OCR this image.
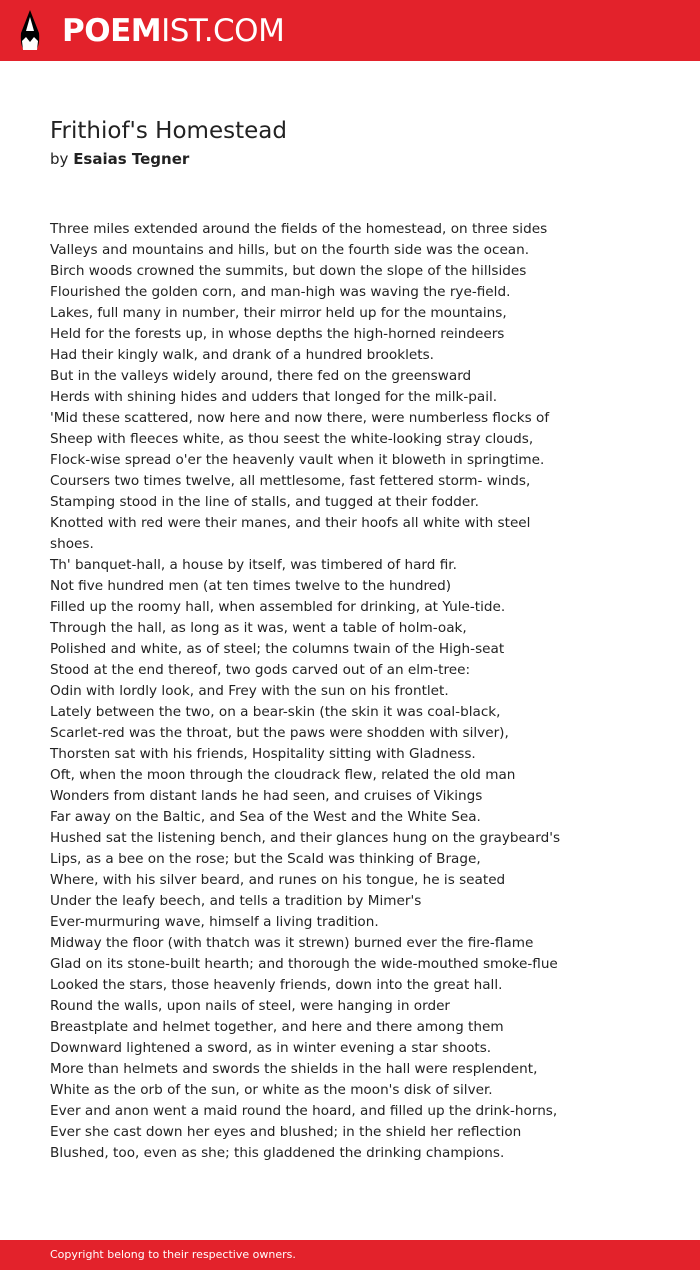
POEMIST.COM
Frithiof's Homestead
by Esaias Tegner
Three miles extended around the fields of the homestead, on three sides
Valleys and mountains and hills, but on the fourth side was the ocean.
Birch woods crowned the summits, but down the slope of the hillsides
Flourished the golden corn, and man-high was waving the rye-field.
Lakes, full many in number, their mirror held up for the mountains,
Held for the forests up, in whose depths the high-horned reindeers
Had their kingly walk, and drank of a hundred brooklets.
But in the valleys widely around, there fed on the greensward
Herds with shining hides and udders that longed for the milk-pail.
'Mid these scattered, now here and now there, were numberless flocks of
Sheep with fleeces white, as thou seest the white-looking stray clouds,
Flock-wise spread o'er the heavenly vault when it bloweth in springtime.
Coursers two times twelve, all mettlesome, fast fettered storm- winds,
Stamping stood in the line of stalls, and tugged at their fodder.
Knotted with red were their manes, and their hoofs all white with steel
shoes.
Th' banquet-hall, a house by itself, was timbered of hard fir.
Not five hundred men (at ten times twelve to the hundred)
Filled up the roomy hall, when assembled for drinking, at Yule-tide.
Through the hall, as long as it was, went a table of holm-oak,
Polished and white, as of steel; the columns twain of the High-seat
Stood at the end thereof, two gods carved out of an elm-tree:
Odin with lordly look, and Frey with the sun on his frontlet.
Lately between the two, on a bear-skin (the skin it was coal-black,
Scarlet-red was the throat, but the paws were shodden with silver),
Thorsten sat with his friends, Hospitality sitting with Gladness.
Oft, when the moon through the cloudrack flew, related the old man
Wonders from distant lands he had seen, and cruises of Vikings
Far away on the Baltic, and Sea of the West and the White Sea.
Hushed sat the listening bench, and their glances hung on the graybeard's
Lips, as a bee on the rose; but the Scald was thinking of Brage,
Where, with his silver beard, and runes on his tongue, he is seated
Under the leafy beech, and tells a tradition by Mimer's
Ever-murmuring wave, himself a living tradition.
Midway the floor (with thatch was it strewn) burned ever the fire-flame
Glad on its stone-built hearth; and thorough the wide-mouthed smoke-flue
Looked the stars, those heavenly friends, down into the great hall.
Round the walls, upon nails of steel, were hanging in order
Breastplate and helmet together, and here and there among them
Downward lightened a sword, as in winter evening a star shoots.
More than helmets and swords the shields in the hall were resplendent,
White as the orb of the sun, or white as the moon's disk of silver.
Ever and anon went a maid round the hoard, and filled up the drink-horns,
Ever she cast down her eyes and blushed; in the shield her reflection
Blushed, too, even as she; this gladdened the drinking champions.
Copyright belong to their respective owners.
